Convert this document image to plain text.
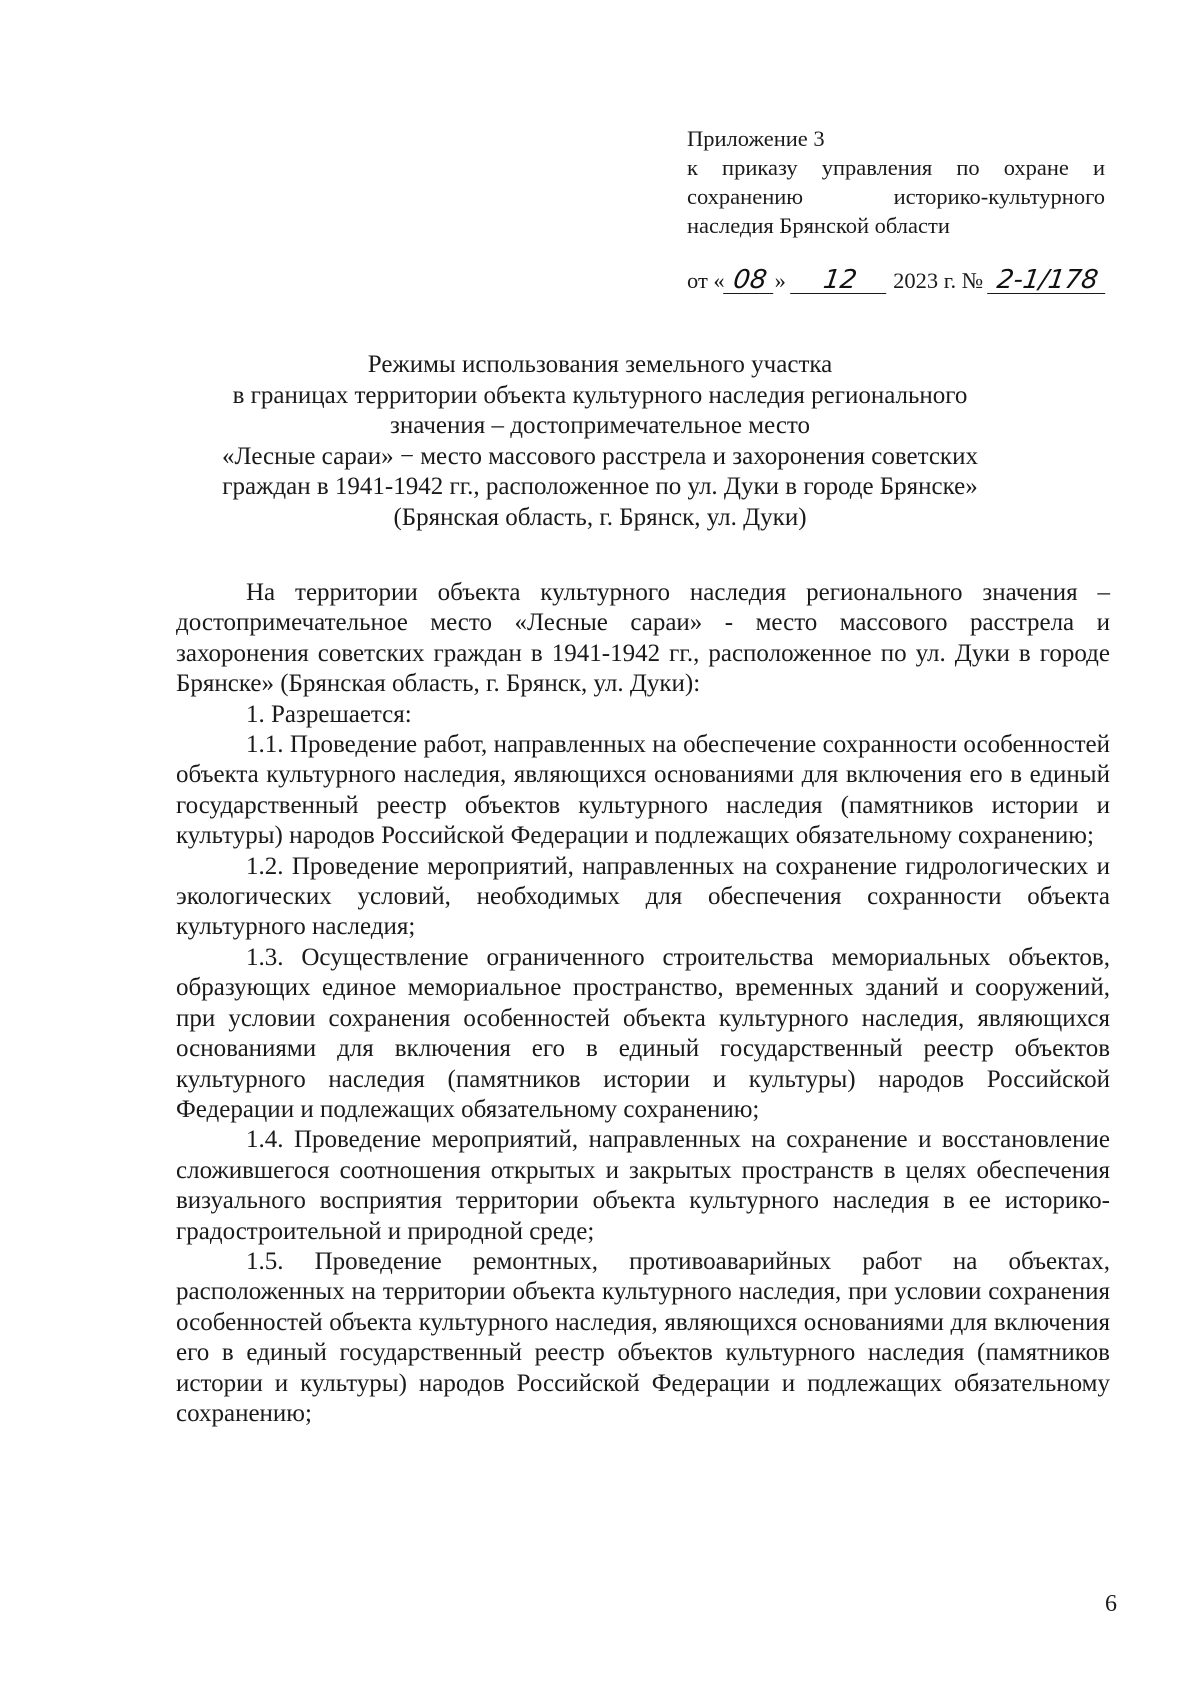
Приложение 3
к приказу управления по охране и
сохранению	историко-культурного
наследия Брянской области
от « 08 » 12 2023 г. № 2-1/178
Режимы использования земельного участка
в границах территории объекта культурного наследия регионального
значения – достопримечательное место
«Лесные сараи» − место массового расстрела и захоронения советских
граждан в 1941-1942 гг., расположенное по ул. Дуки в городе Брянске»
(Брянская область, г. Брянск, ул. Дуки)

На территории объекта культурного наследия регионального значения – достопримечательное место «Лесные сараи» - место массового расстрела и захоронения советских граждан в 1941-1942 гг., расположенное по ул. Дуки в городе Брянске» (Брянская область, г. Брянск, ул. Дуки):

1. Разрешается:

1.1. Проведение работ, направленных на обеспечение сохранности особенностей объекта культурного наследия, являющихся основаниями для включения его в единый государственный реестр объектов культурного наследия (памятников истории и культуры) народов Российской Федерации и подлежащих обязательному сохранению;

1.2. Проведение мероприятий, направленных на сохранение гидрологических и экологических условий, необходимых для обеспечения сохранности объекта культурного наследия;

1.3. Осуществление ограниченного строительства мемориальных объектов, образующих единое мемориальное пространство, временных зданий и сооружений, при условии сохранения особенностей объекта культурного наследия, являющихся основаниями для включения его в единый государственный реестр объектов культурного наследия (памятников истории и культуры) народов Российской Федерации и подлежащих обязательному сохранению;

1.4. Проведение мероприятий, направленных на сохранение и восстановление сложившегося соотношения открытых и закрытых пространств в целях обеспечения визуального восприятия территории объекта культурного наследия в ее историко- градостроительной и природной среде;

1.5. Проведение ремонтных, противоаварийных работ на объектах, расположенных на территории объекта культурного наследия, при условии сохранения особенностей объекта культурного наследия, являющихся основаниями для включения его в единый государственный реестр объектов культурного наследия (памятников истории и культуры) народов Российской Федерации и подлежащих обязательному сохранению;

6
